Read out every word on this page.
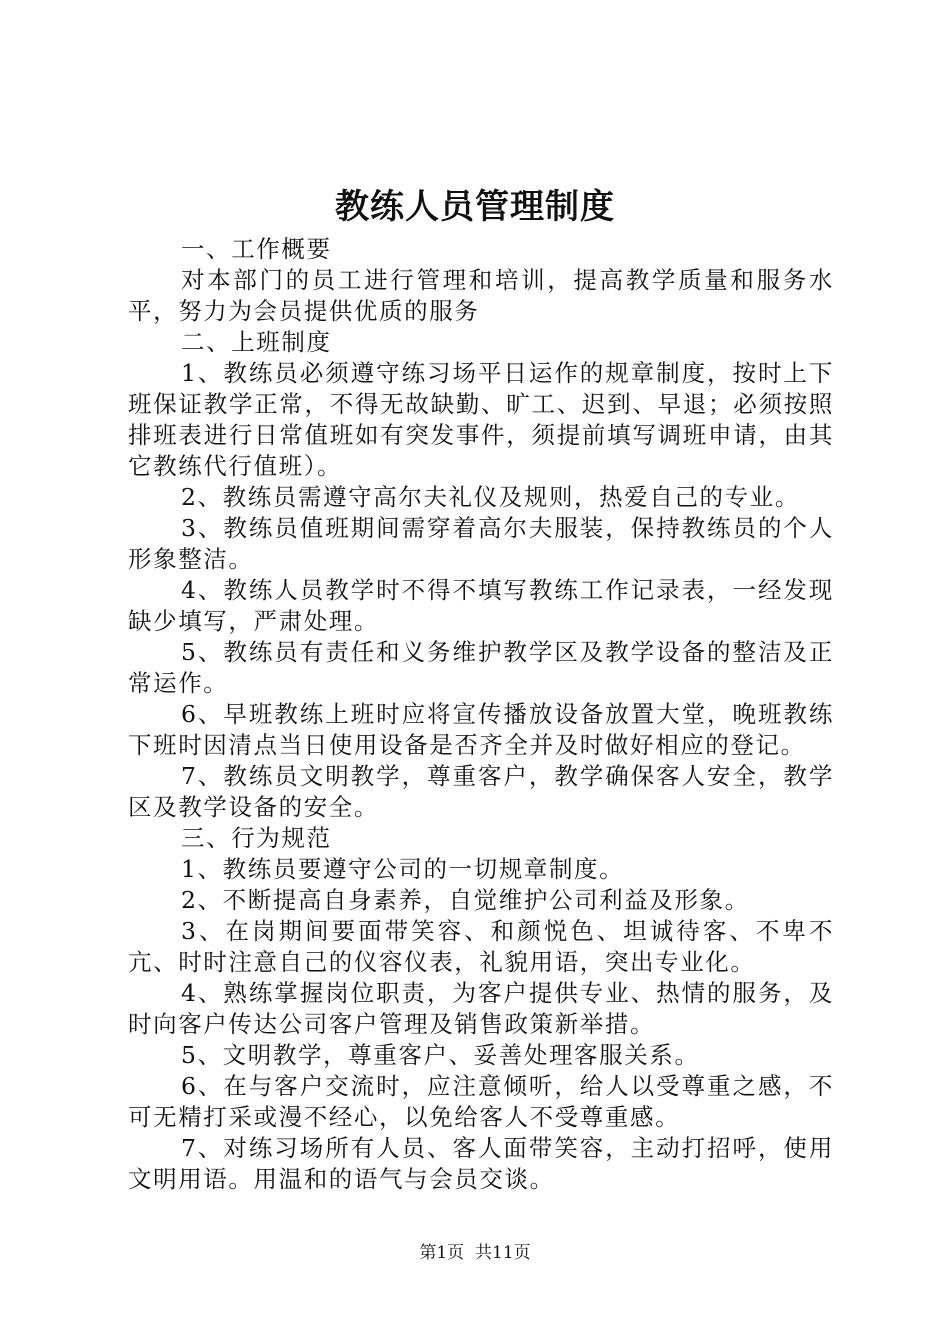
教练人员管理制度

一、工作概要

对本部门的员工进行管理和培训，提高教学质量和服务水平，努力为会员提供优质的服务

二、上班制度

1、教练员必须遵守练习场平日运作的规章制度，按时上下班保证教学正常，不得无故缺勤、旷工、迟到、早退；必须按照排班表进行日常值班如有突发事件，须提前填写调班申请，由其它教练代行值班）。

2、教练员需遵守高尔夫礼仪及规则，热爱自己的专业。

3、教练员值班期间需穿着高尔夫服装，保持教练员的个人形象整洁。

4、教练人员教学时不得不填写教练工作记录表，一经发现缺少填写，严肃处理。

5、教练员有责任和义务维护教学区及教学设备的整洁及正常运作。

6、早班教练上班时应将宣传播放设备放置大堂，晚班教练下班时因清点当日使用设备是否齐全并及时做好相应的登记。

7、教练员文明教学，尊重客户，教学确保客人安全，教学区及教学设备的安全。

三、行为规范

1、教练员要遵守公司的一切规章制度。

2、不断提高自身素养，自觉维护公司利益及形象。

3、在岗期间要面带笑容、和颜悦色、坦诚待客、不卑不亢、时时注意自己的仪容仪表，礼貌用语，突出专业化。

4、熟练掌握岗位职责，为客户提供专业、热情的服务，及时向客户传达公司客户管理及销售政策新举措。

5、文明教学，尊重客户、妥善处理客服关系。

6、在与客户交流时，应注意倾听，给人以受尊重之感，不可无精打采或漫不经心，以免给客人不受尊重感。

7、对练习场所有人员、客人面带笑容，主动打招呼，使用文明用语。用温和的语气与会员交谈。

第1页 共11页
